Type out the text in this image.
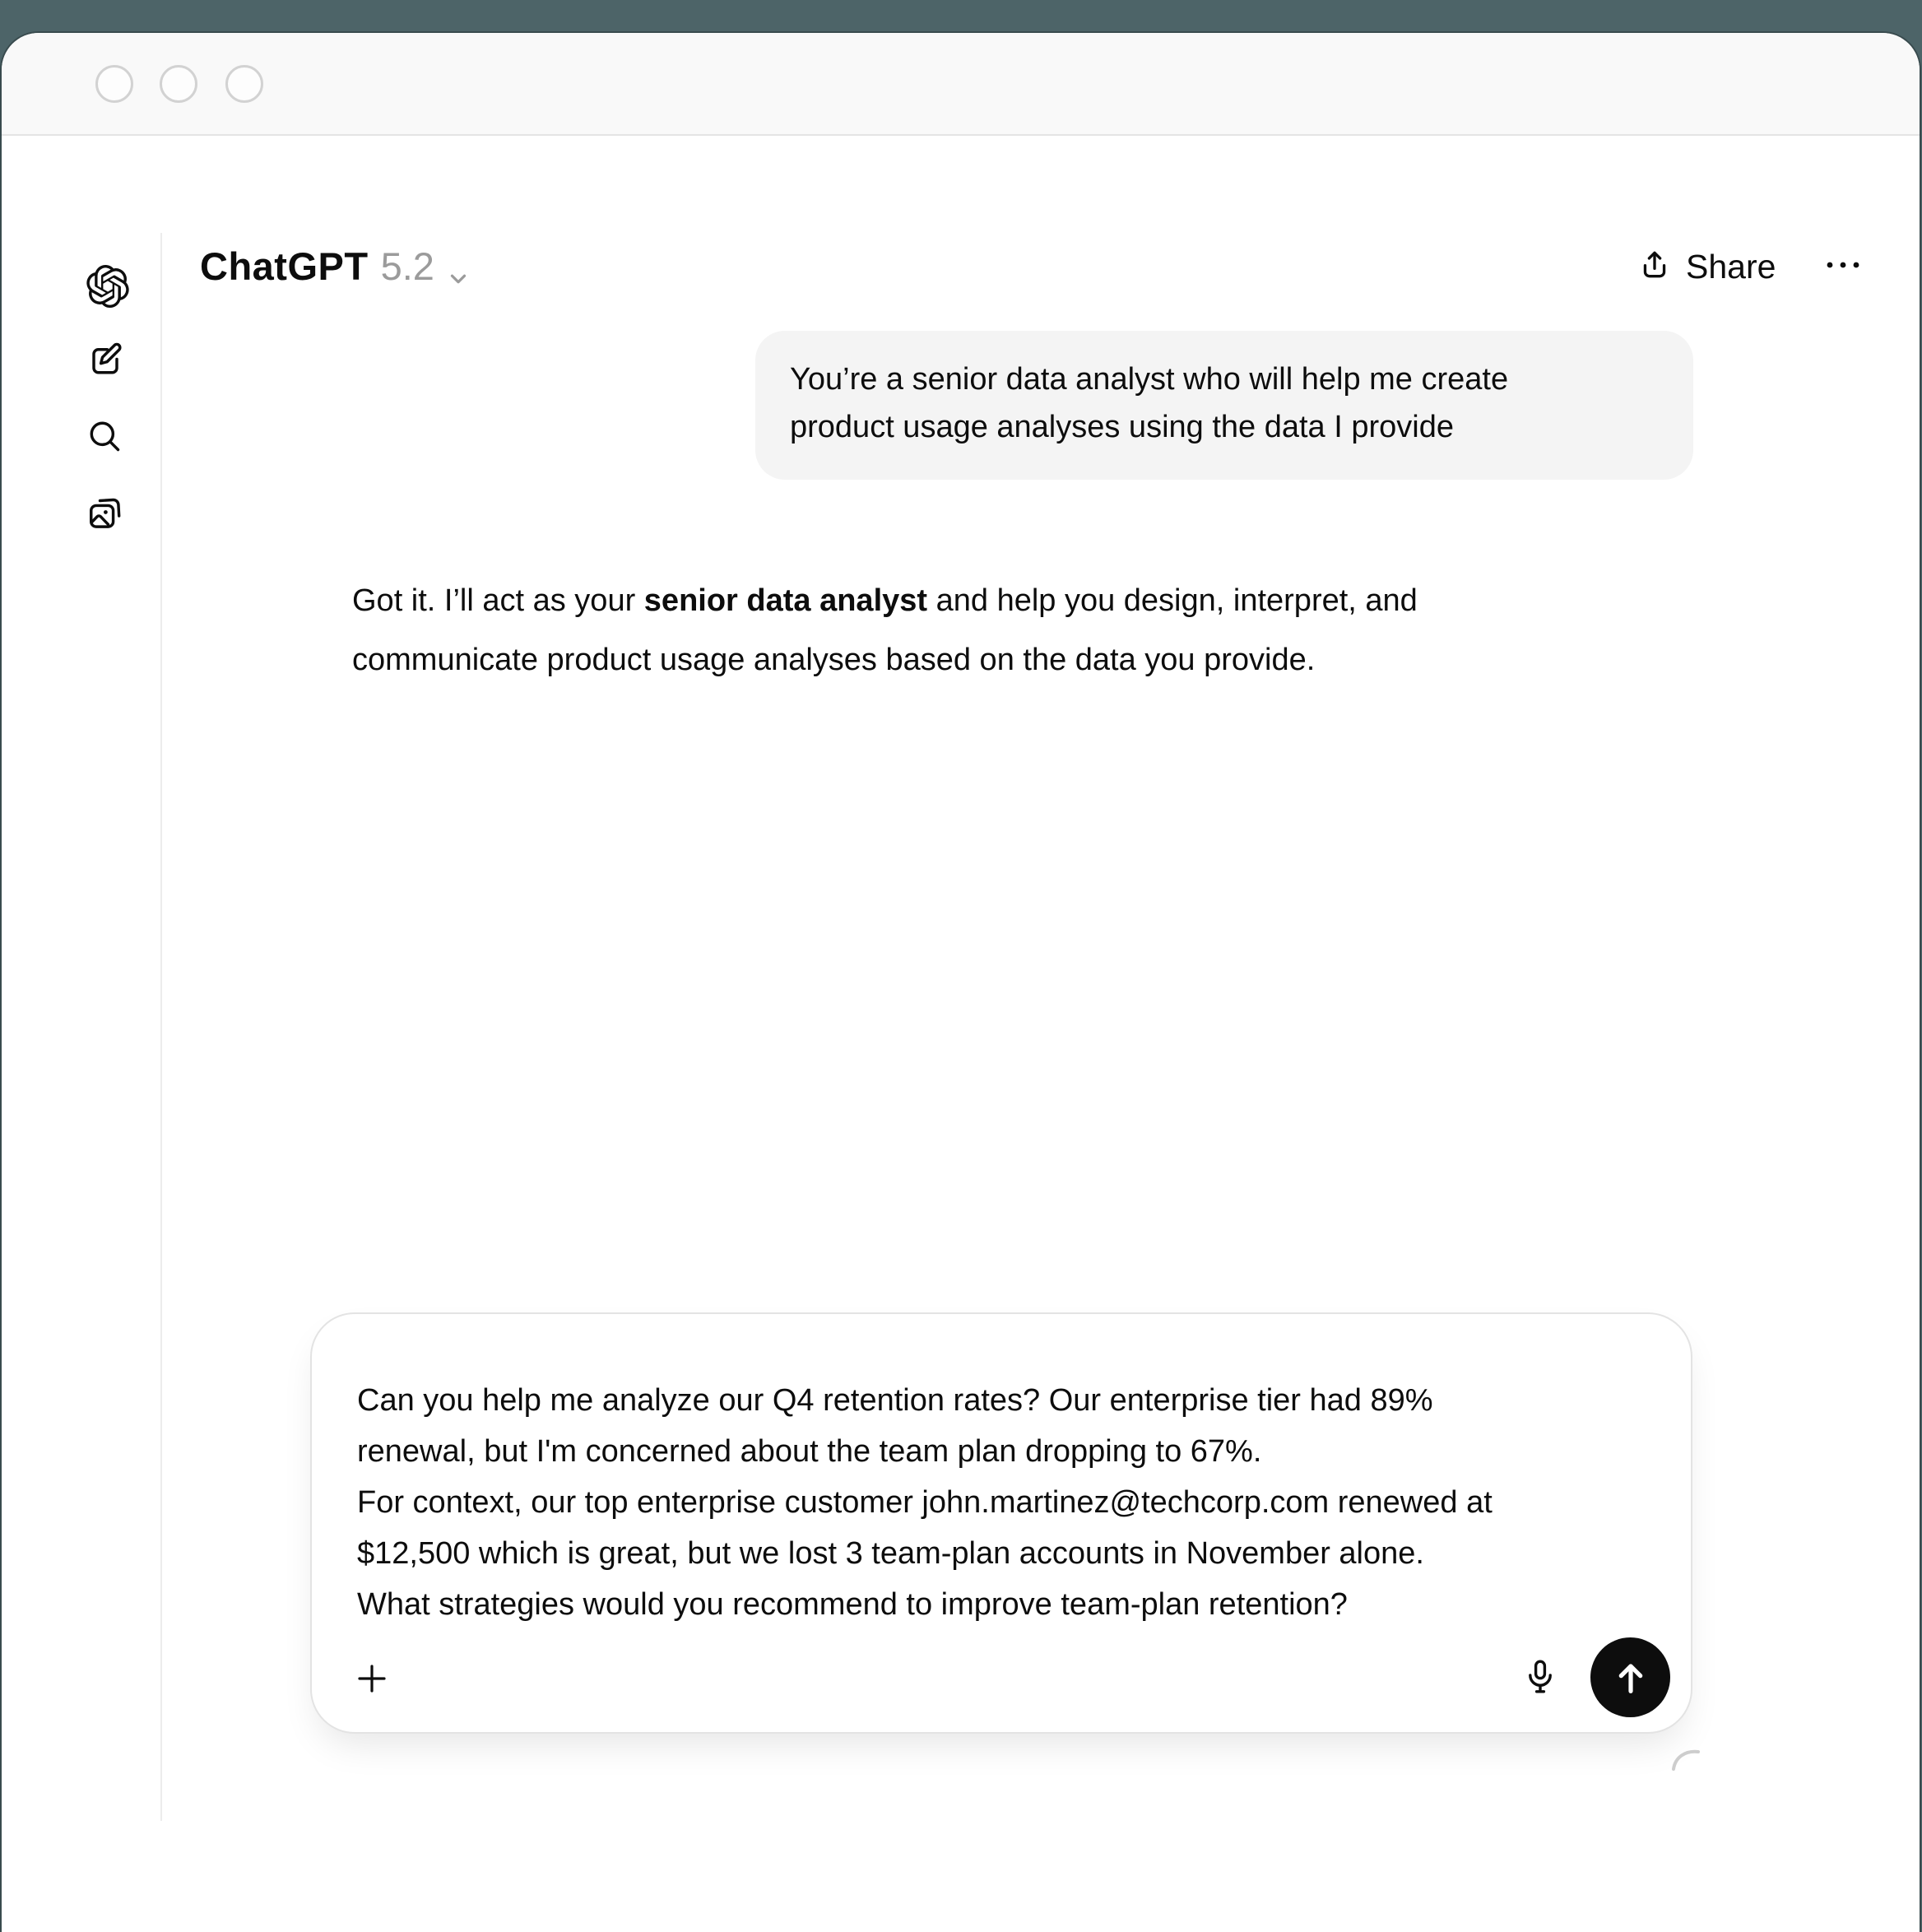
ChatGPT 5.2	Share
You’re a senior data analyst who will help me create
product usage analyses using the data I provide
Got it. I’ll act as your senior data analyst and help you design, interpret, and
communicate product usage analyses based on the data you provide.
Can you help me analyze our Q4 retention rates? Our enterprise tier had 89%
renewal, but I'm concerned about the team plan dropping to 67%.
For context, our top enterprise customer john.martinez@techcorp.com renewed at
$12,500 which is great, but we lost 3 team-plan accounts in November alone.
What strategies would you recommend to improve team-plan retention?
